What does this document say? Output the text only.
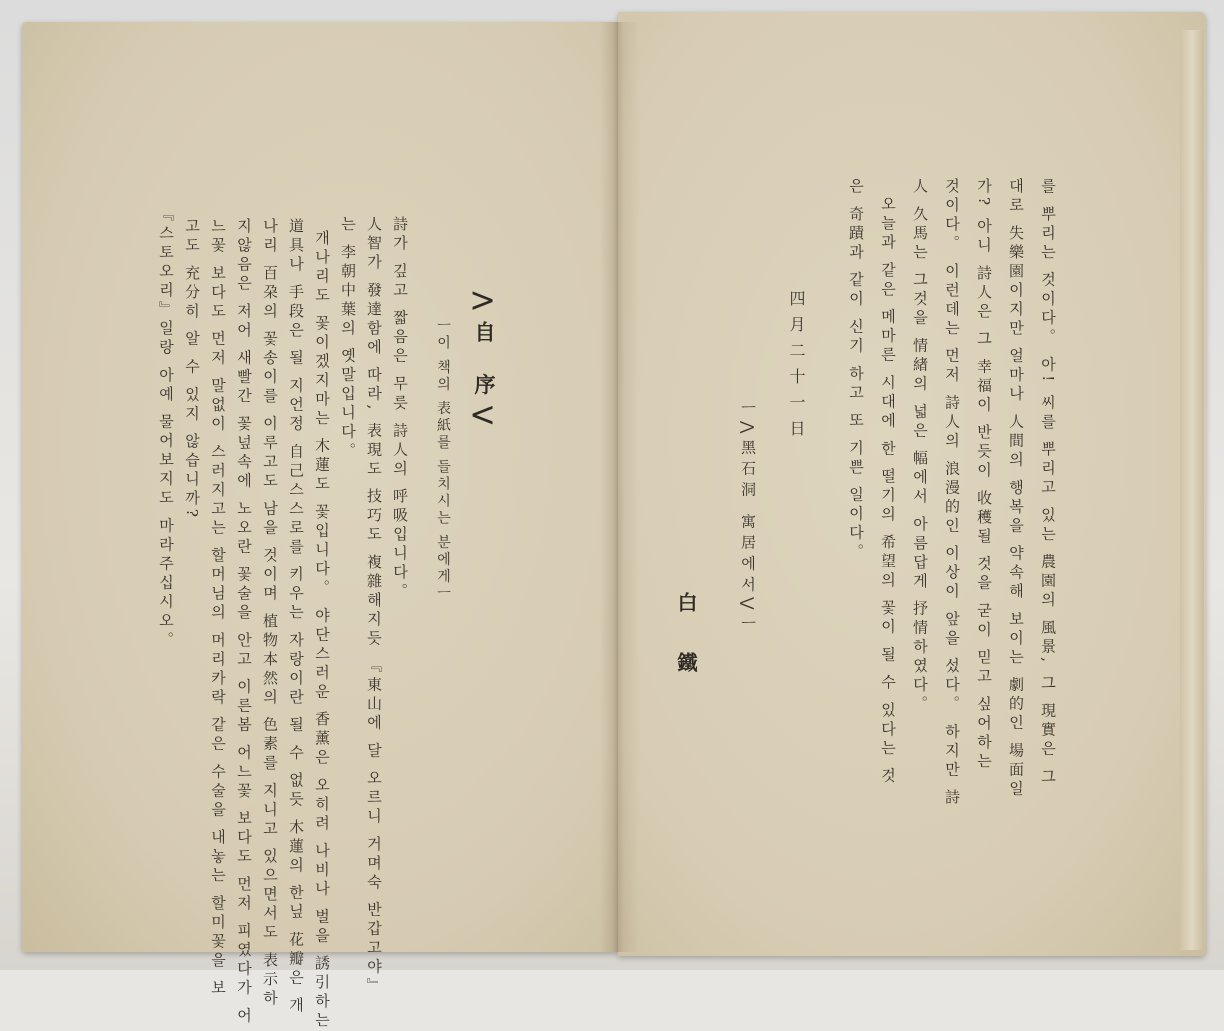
⋀自 序⋁
ㅡ이 책의 表紙를 들치시는 분에게ㅡ
詩가 깊고 짧음은 무릇 詩人의 呼吸입니다。
人智가 發達함에 따라, 表現도 技巧도 複雜해지듯 『東山에 달 오르니 거며숙 반갑고야』
는 李朝中葉의 옛말입니다。
개나리도 꽃이겠지마는 木蓮도 꽃입니다。 야단스러운 香薰은 오히려 나비나 벌을 誘引하는
道具나 手段은 될 지언정 自己스스로를 키우는 자랑이란 될 수 없듯 木蓮의 한닢 花瓣은 개
나리 百朶의 꽃송이를 이루고도 남을 것이며 植物本然의 色素를 지니고 있으면서도 表示하
지않음은 저어 새빨간 꽃넢속에 노오란 꽃술을 안고 이른봄 어느꽃 보다도 먼저 피였다가 어
느꽃 보다도 먼저 말없이 스러지고는 할머님의 머리카락 같은 수술을 내놓는 할미꽃을 보
고도 充分히 알 수 있지 않습니까?
『스토오리』일랑 아예 물어보지도 마라주십시오。	를 뿌리는 것이다。 아! 씨를 뿌리고 있는 農園의 風景, 그 現實은 그
대로 失樂園이지만 얼마나 人間의 행복을 약속해 보이는 劇的인 場面일
가? 아니 詩人은 그 幸福이 반듯이 收穫될 것을 굳이 믿고 싶어하는
것이다。 이런데는 먼저 詩人의 浪漫的인 이상이 앞을 섰다。 하지만 詩
人 久馬는 그것을 情緖의 넓은 幅에서 아름답게 抒情하였다。
오늘과 같은 메마른 시대에 한 떨기의 希望의 꽃이 될 수 있다는 것
은 奇蹟과 같이 신기 하고 또 기쁜 일이다。
四月二十一日
ㅡ⋀黑石洞 寓居에서⋁ㅡ
白鐵
